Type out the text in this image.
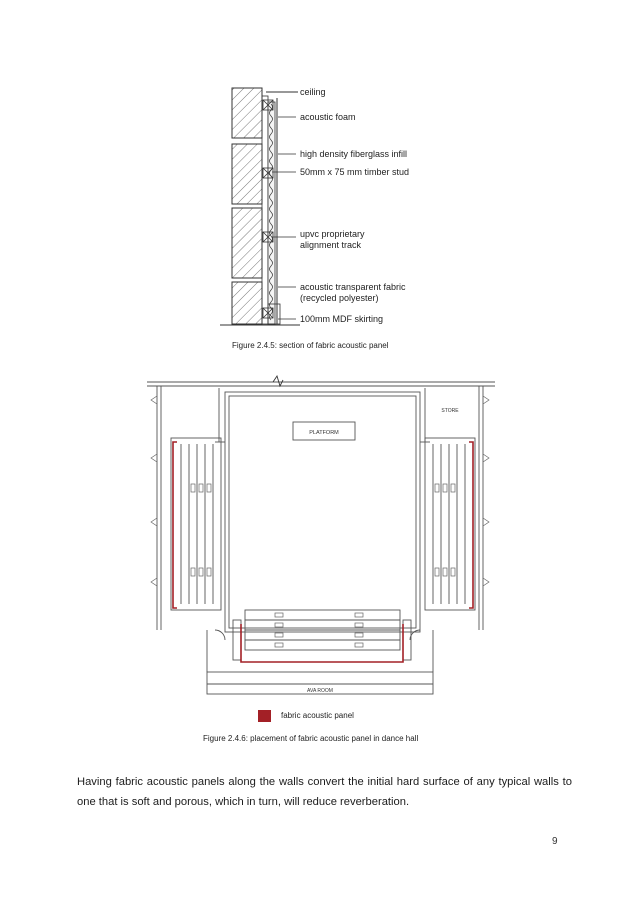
ceiling
acoustic foam
high density fiberglass infill
50mm x 75 mm timber stud
upvc proprietary
alignment track
acoustic transparent fabric
(recycled polyester)
100mm MDF skirting
Figure 2.4.5: section of fabric acoustic panel
PLATFORM
STORE
AVA ROOM
fabric acoustic panel
Figure 2.4.6: placement of fabric acoustic panel in dance hall

Having fabric acoustic panels along the walls convert the initial hard surface of any typical walls to one that is soft and porous, which in turn, will reduce reverberation.

9
